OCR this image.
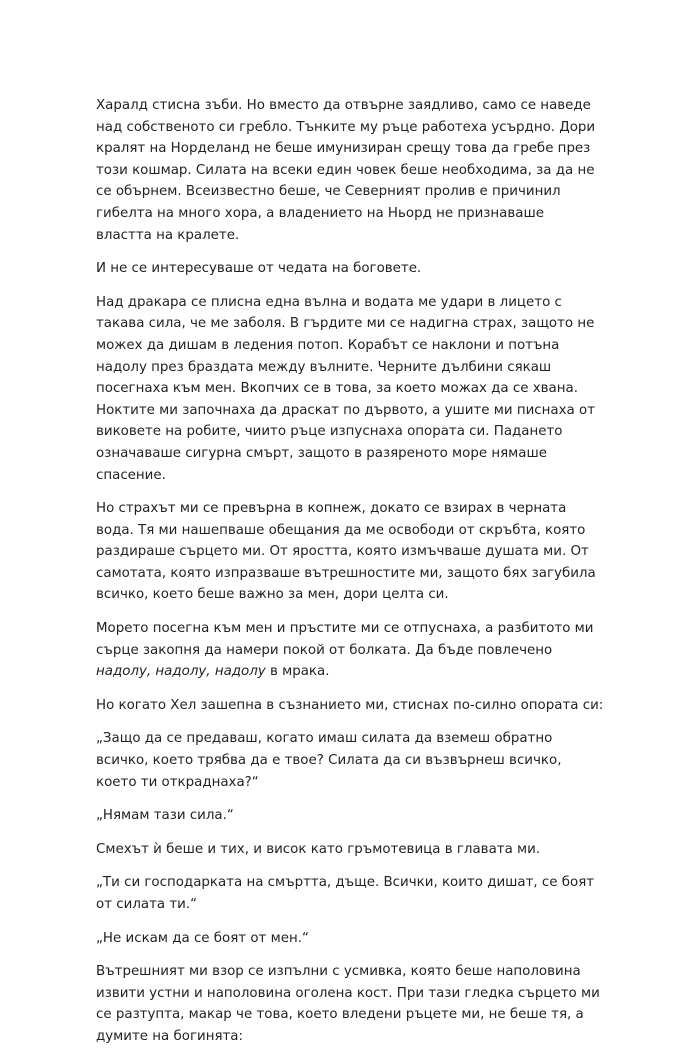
Харалд стисна зъби. Но вместо да отвърне заядливо, само се наведе над собственото си гребло. Тънките му ръце работеха усърдно. Дори кралят на Норделанд не беше имунизиран срещу това да гребе през този кошмар. Силата на всеки един човек беше необходима, за да не се обърнем. Всеизвестно беше, че Северният пролив е причинил гибелта на много хора, а владението на Ньорд не признаваше властта на кралете.

И не се интересуваше от чедата на боговете.

Над дракара се плисна една вълна и водата ме удари в лицето с такава сила, че ме заболя. В гърдите ми се надигна страх, защото не можех да дишам в ледения потоп. Корабът се наклони и потъна надолу през браздата между вълните. Черните дълбини сякаш посегнаха към мен. Вкопчих се в това, за което можах да се хвана. Ноктите ми започнаха да драскат по дървото, а ушите ми писнаха от виковете на робите, чиито ръце изпуснаха опората си. Падането означаваше сигурна смърт, защото в разяреното море нямаше спасение.

Но страхът ми се превърна в копнеж, докато се взирах в черната вода. Тя ми нашепваше обещания да ме освободи от скръбта, която раздираше сърцето ми. От яростта, която измъчваше душата ми. От самотата, която изпразваше вътрешностите ми, защото бях загубила всичко, което беше важно за мен, дори целта си.

Морето посегна към мен и пръстите ми се отпуснаха, а разбитото ми сърце закопня да намери покой от болката. Да бъде повлечено надолу, надолу, надолу в мрака.

Но когато Хел зашепна в съзнанието ми, стиснах по-силно опората си:

„Защо да се предаваш, когато имаш силата да вземеш обратно всичко, което трябва да е твое? Силата да си възвърнеш всичко, което ти откраднаха?“

„Нямам тази сила.“

Смехът ѝ беше и тих, и висок като гръмотевица в главата ми.

„Ти си господарката на смъртта, дъще. Всички, които дишат, се боят от силата ти.“

„Не искам да се боят от мен.“

Вътрешният ми взор се изпълни с усмивка, която беше наполовина извити устни и наполовина оголена кост. При тази гледка сърцето ми се разтупта, макар че това, което вледени ръцете ми, не беше тя, а думите на богинята:
